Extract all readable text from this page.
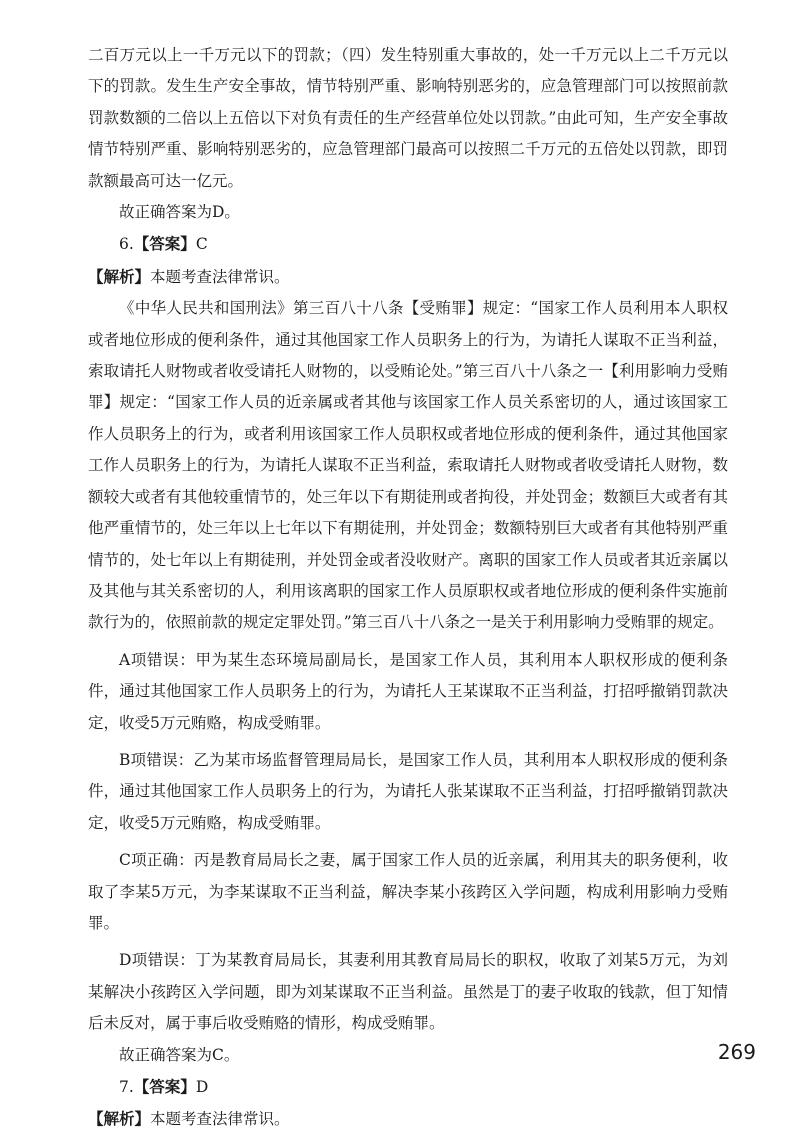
二百万元以上一千万元以下的罚款；（四）发生特别重大事故的，处一千万元以上二千万元以下的罚款。发生生产安全事故，情节特别严重、影响特别恶劣的，应急管理部门可以按照前款罚款数额的二倍以上五倍以下对负有责任的生产经营单位处以罚款。”由此可知，生产安全事故情节特别严重、影响特别恶劣的，应急管理部门最高可以按照二千万元的五倍处以罚款，即罚款额最高可达一亿元。

故正确答案为D。

6.【答案】C

【解析】本题考查法律常识。

《中华人民共和国刑法》第三百八十八条【受贿罪】规定：“国家工作人员利用本人职权或者地位形成的便利条件，通过其他国家工作人员职务上的行为，为请托人谋取不正当利益，索取请托人财物或者收受请托人财物的，以受贿论处。”第三百八十八条之一【利用影响力受贿罪】规定：“国家工作人员的近亲属或者其他与该国家工作人员关系密切的人，通过该国家工作人员职务上的行为，或者利用该国家工作人员职权或者地位形成的便利条件，通过其他国家工作人员职务上的行为，为请托人谋取不正当利益，索取请托人财物或者收受请托人财物，数额较大或者有其他较重情节的，处三年以下有期徒刑或者拘役，并处罚金；数额巨大或者有其他严重情节的，处三年以上七年以下有期徒刑，并处罚金；数额特别巨大或者有其他特别严重情节的，处七年以上有期徒刑，并处罚金或者没收财产。离职的国家工作人员或者其近亲属以及其他与其关系密切的人，利用该离职的国家工作人员原职权或者地位形成的便利条件实施前款行为的，依照前款的规定定罪处罚。”第三百八十八条之一是关于利用影响力受贿罪的规定。

A项错误：甲为某生态环境局副局长，是国家工作人员，其利用本人职权形成的便利条件，通过其他国家工作人员职务上的行为，为请托人王某谋取不正当利益，打招呼撤销罚款决定，收受5万元贿赂，构成受贿罪。

B项错误：乙为某市场监督管理局局长，是国家工作人员，其利用本人职权形成的便利条件，通过其他国家工作人员职务上的行为，为请托人张某谋取不正当利益，打招呼撤销罚款决定，收受5万元贿赂，构成受贿罪。

C项正确：丙是教育局局长之妻，属于国家工作人员的近亲属，利用其夫的职务便利，收取了李某5万元，为李某谋取不正当利益，解决李某小孩跨区入学问题，构成利用影响力受贿罪。

D项错误：丁为某教育局局长，其妻利用其教育局局长的职权，收取了刘某5万元，为刘某解决小孩跨区入学问题，即为刘某谋取不正当利益。虽然是丁的妻子收取的钱款，但丁知情后未反对，属于事后收受贿赂的情形，构成受贿罪。

故正确答案为C。

7.【答案】D

【解析】本题考查法律常识。

269
